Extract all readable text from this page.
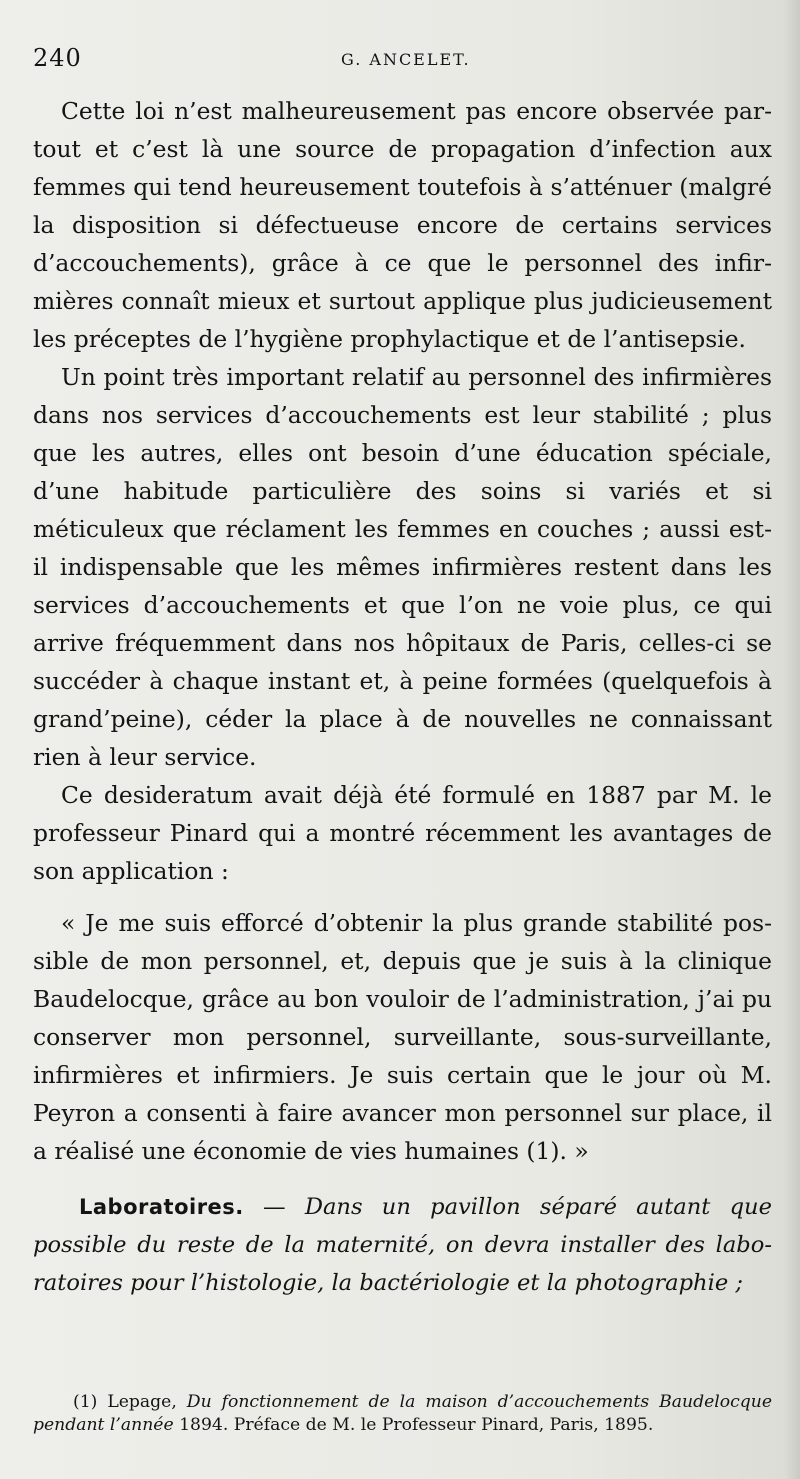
240	G. ANCELET.

Cette loi n’est malheureusement pas encore observée partout et c’est là une source de propagation d’infection aux femmes qui tend heureusement toutefois à s’atténuer (malgré la disposition si défectueuse encore de certains services d’accouchements), grâce à ce que le personnel des infirmières connaît mieux et surtout applique plus judicieusement les préceptes de l’hygiène prophylactique et de l’antisepsie.

Un point très important relatif au personnel des infirmières dans nos services d’accouchements est leur stabilité ; plus que les autres, elles ont besoin d’une éducation spéciale, d’une habitude particulière des soins si variés et si méticuleux que réclament les femmes en couches ; aussi est-il indispensable que les mêmes infirmières restent dans les services d’accouchements et que l’on ne voie plus, ce qui arrive fréquemment dans nos hôpitaux de Paris, celles-ci se succéder à chaque instant et, à peine formées (quelquefois à grand’peine), céder la place à de nouvelles ne connaissant rien à leur service.

Ce desideratum avait déjà été formulé en 1887 par M. le professeur Pinard qui a montré récemment les avantages de son application :

« Je me suis efforcé d’obtenir la plus grande stabilité possible de mon personnel, et, depuis que je suis à la clinique Baudelocque, grâce au bon vouloir de l’administration, j’ai pu conserver mon personnel, surveillante, sous-surveillante, infirmières et infirmiers. Je suis certain que le jour où M. Peyron a consenti à faire avancer mon personnel sur place, il a réalisé une économie de vies humaines (1). »

Laboratoires. — Dans un pavillon séparé autant que possible du reste de la maternité, on devra installer des laboratoires pour l’histologie, la bactériologie et la photographie ;

(1) Lepage, Du fonctionnement de la maison d’accouchements Baudelocque pendant l’année 1894. Préface de M. le Professeur Pinard, Paris, 1895.
